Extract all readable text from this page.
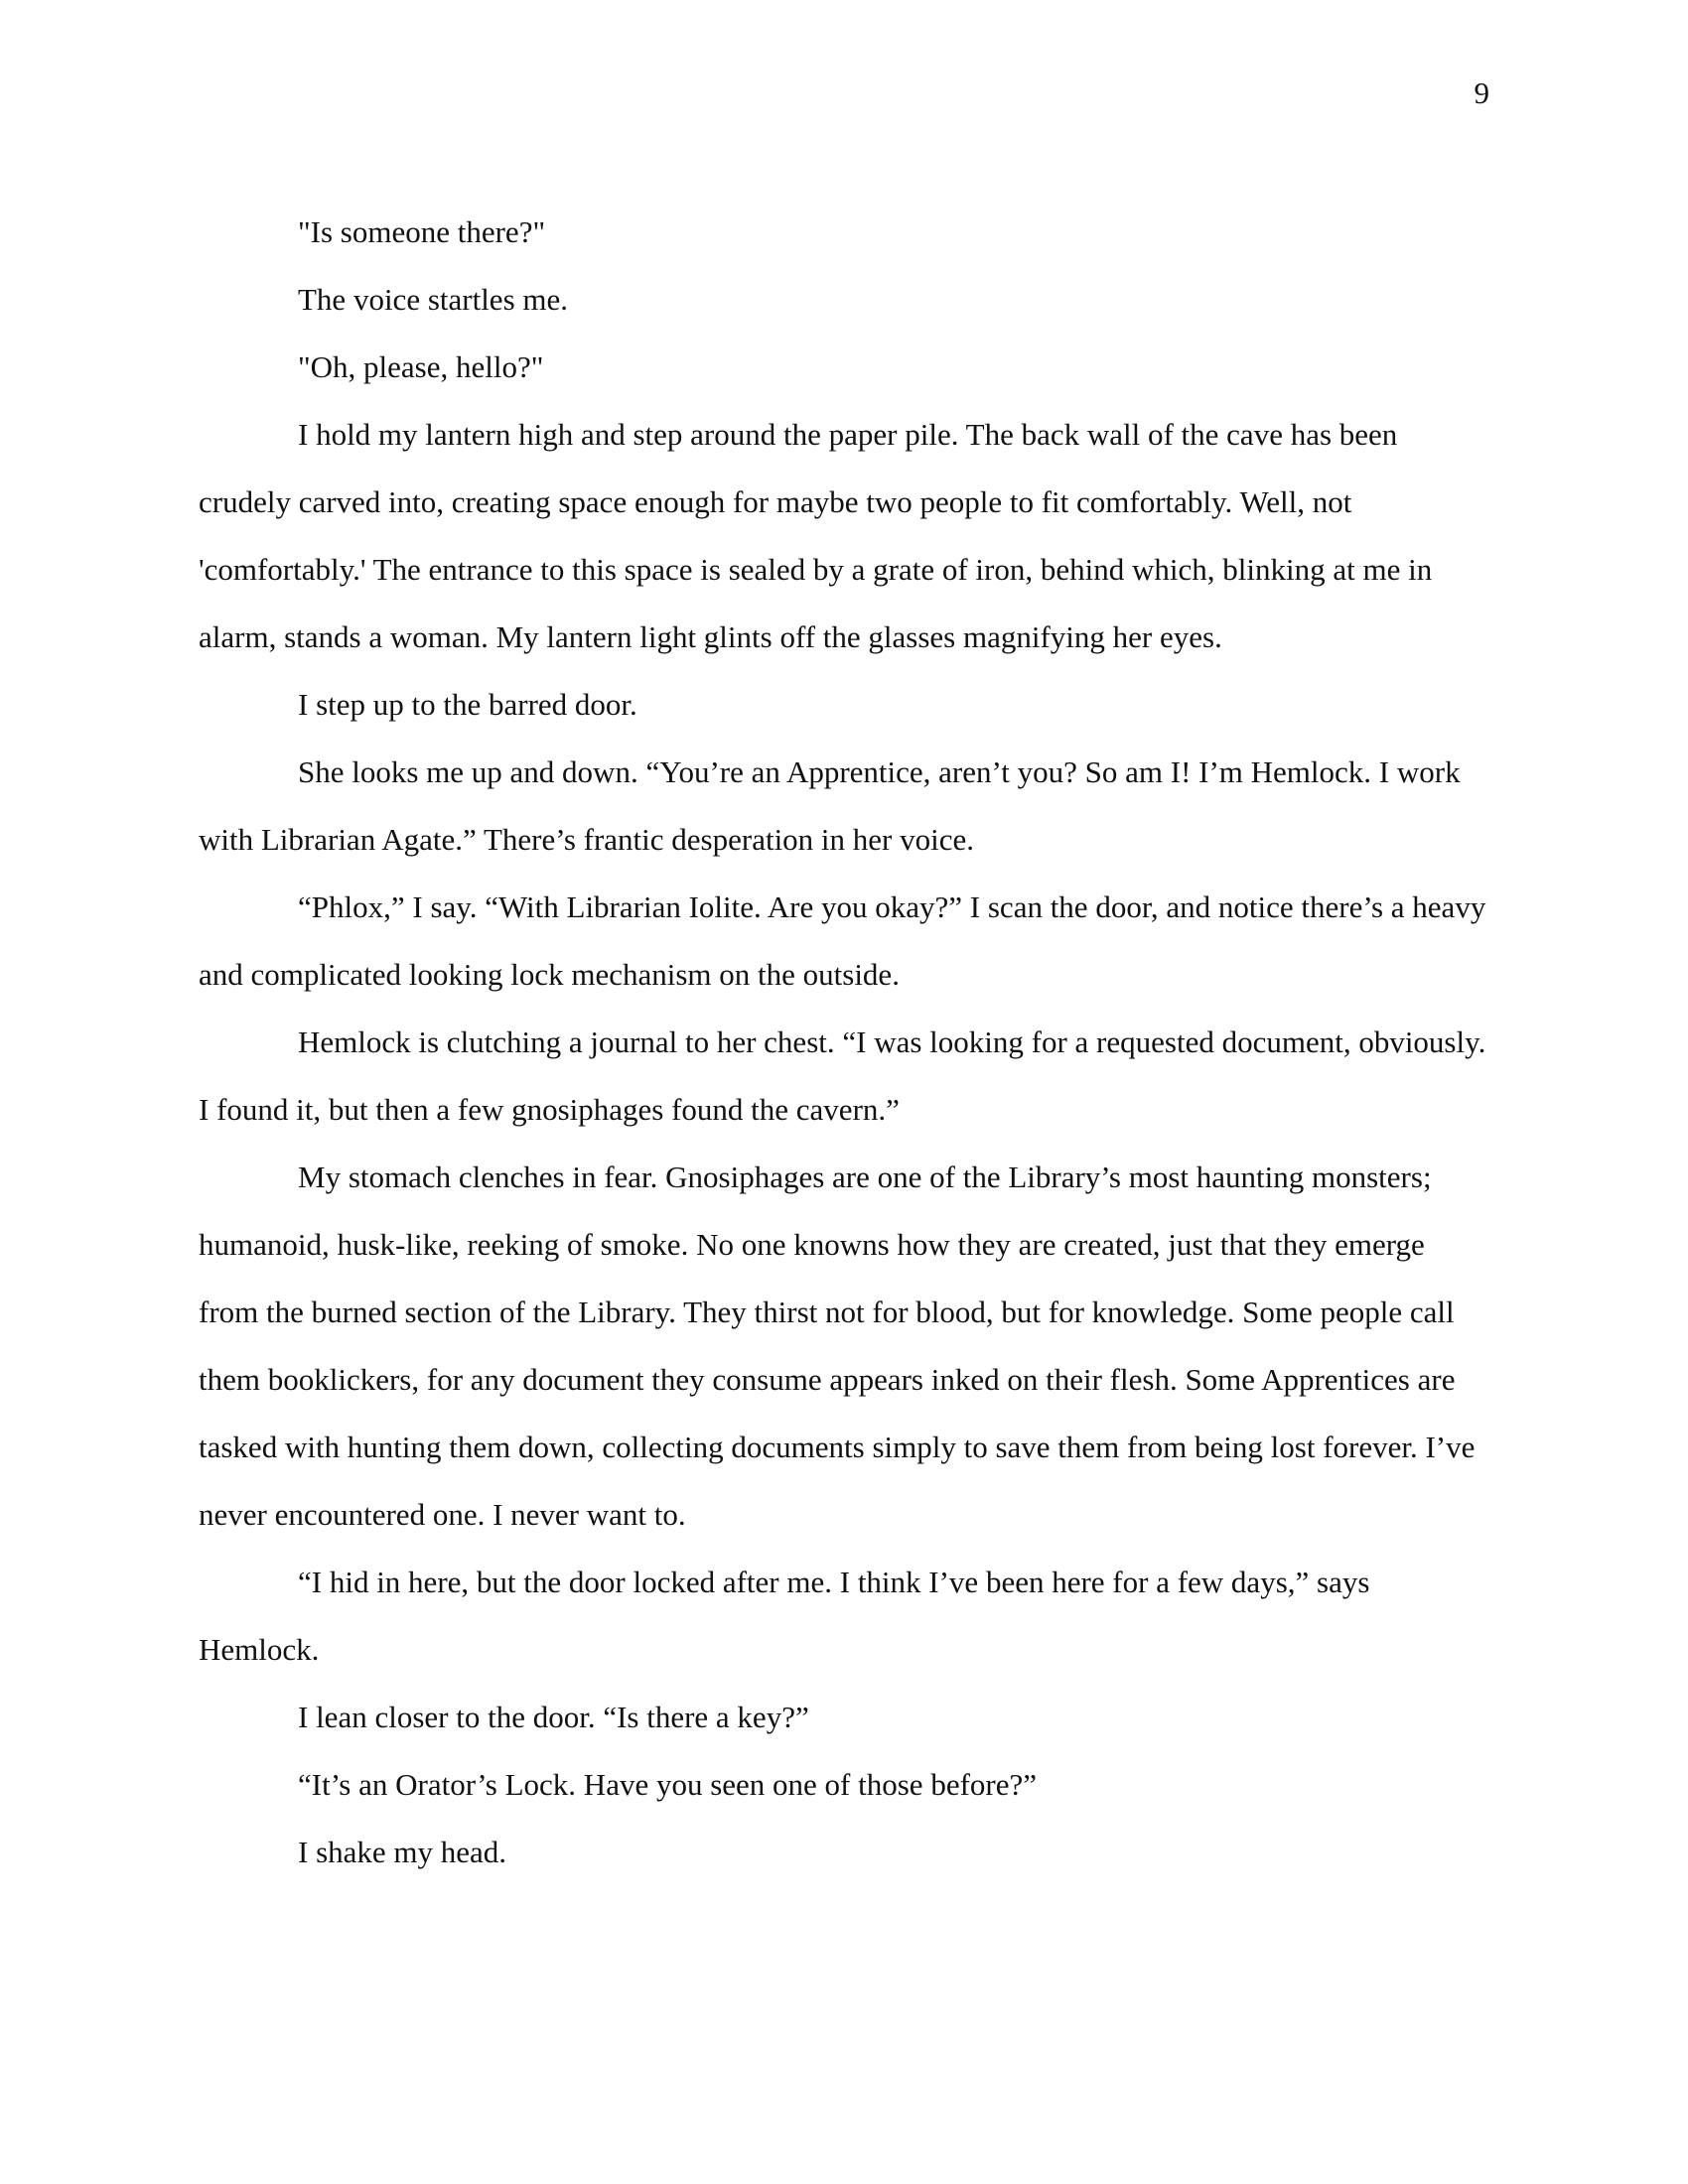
9

"Is someone there?"

The voice startles me.

"Oh, please, hello?"

I hold my lantern high and step around the paper pile. The back wall of the cave has been crudely carved into, creating space enough for maybe two people to fit comfortably. Well, not 'comfortably.' The entrance to this space is sealed by a grate of iron, behind which, blinking at me in alarm, stands a woman. My lantern light glints off the glasses magnifying her eyes.

I step up to the barred door.

She looks me up and down. “You’re an Apprentice, aren’t you? So am I! I’m Hemlock. I work with Librarian Agate.” There’s frantic desperation in her voice.

“Phlox,” I say. “With Librarian Iolite. Are you okay?” I scan the door, and notice there’s a heavy and complicated looking lock mechanism on the outside.

Hemlock is clutching a journal to her chest. “I was looking for a requested document, obviously. I found it, but then a few gnosiphages found the cavern.”

My stomach clenches in fear. Gnosiphages are one of the Library’s most haunting monsters; humanoid, husk-like, reeking of smoke. No one knowns how they are created, just that they emerge from the burned section of the Library. They thirst not for blood, but for knowledge. Some people call them booklickers, for any document they consume appears inked on their flesh. Some Apprentices are tasked with hunting them down, collecting documents simply to save them from being lost forever. I’ve never encountered one. I never want to.

“I hid in here, but the door locked after me. I think I’ve been here for a few days,” says Hemlock.

I lean closer to the door. “Is there a key?”

“It’s an Orator’s Lock. Have you seen one of those before?”

I shake my head.
